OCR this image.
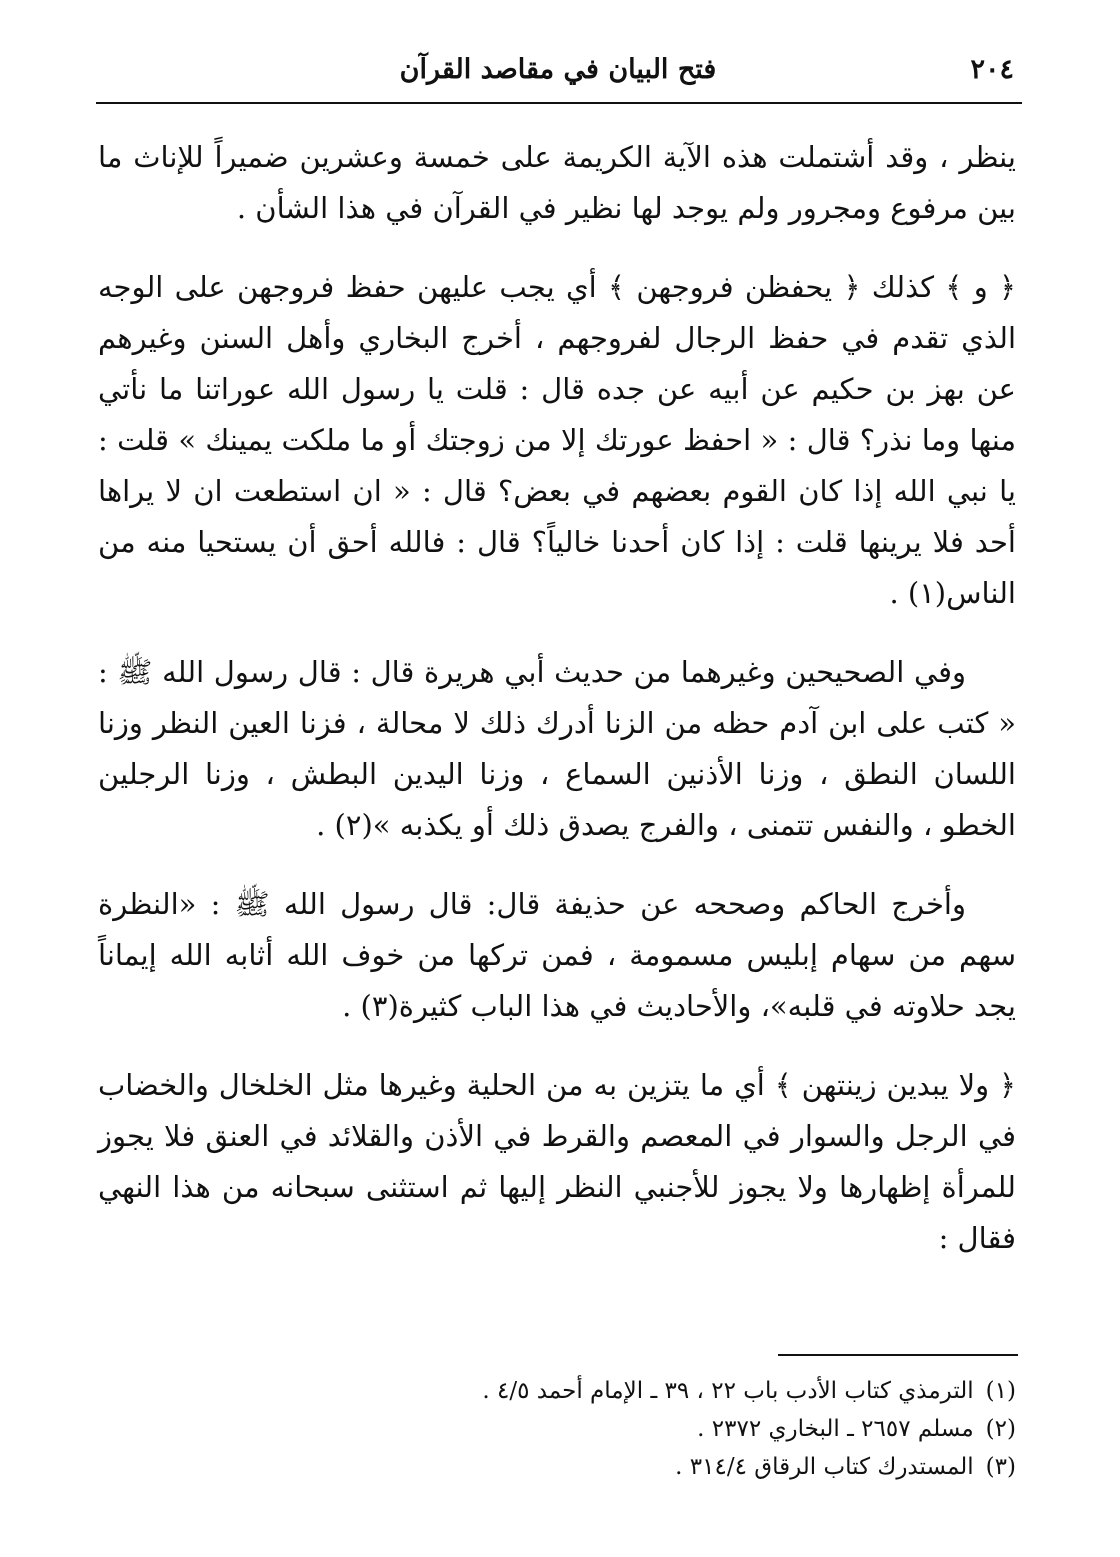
٢٠٤
فتح البيان في مقاصد القرآن

ينظر ، وقد أشتملت هذه الآية الكريمة على خمسة وعشرين ضميراً للإناث ما بين مرفوع ومجرور ولم يوجد لها نظير في القرآن في هذا الشأن .

﴿ و ﴾ كذلك ﴿ يحفظن فروجهن ﴾ أي يجب عليهن حفظ فروجهن على الوجه الذي تقدم في حفظ الرجال لفروجهم ، أخرج البخاري وأهل السنن وغيرهم عن بهز بن حكيم عن أبيه عن جده قال : قلت يا رسول الله عوراتنا ما نأتي منها وما نذر؟ قال : « احفظ عورتك إلا من زوجتك أو ما ملكت يمينك » قلت : يا نبي الله إذا كان القوم بعضهم في بعض؟ قال : « ان استطعت ان لا يراها أحد فلا يرينها قلت : إذا كان أحدنا خالياً؟ قال : فالله أحق أن يستحيا منه من الناس(١) .

وفي الصحيحين وغيرهما من حديث أبي هريرة قال : قال رسول الله ﷺ : « كتب على ابن آدم حظه من الزنا أدرك ذلك لا محالة ، فزنا العين النظر وزنا اللسان النطق ، وزنا الأذنين السماع ، وزنا اليدين البطش ، وزنا الرجلين الخطو ، والنفس تتمنى ، والفرج يصدق ذلك أو يكذبه »(٢) .

وأخرج الحاكم وصححه عن حذيفة قال: قال رسول الله ﷺ : «النظرة سهم من سهام إبليس مسمومة ، فمن تركها من خوف الله أثابه الله إيماناً يجد حلاوته في قلبه»، والأحاديث في هذا الباب كثيرة(٣) .

﴿ ولا يبدين زينتهن ﴾ أي ما يتزين به من الحلية وغيرها مثل الخلخال والخضاب في الرجل والسوار في المعصم والقرط في الأذن والقلائد في العنق فلا يجوز للمرأة إظهارها ولا يجوز للأجنبي النظر إليها ثم استثنى سبحانه من هذا النهي فقال :

(١)
الترمذي كتاب الأدب باب ٢٢ ، ٣٩ ـ الإمام أحمد ٤/٥ .
(٢)
مسلم ٢٦٥٧ ـ البخاري ٢٣٧٢ .
(٣)
المستدرك كتاب الرقاق ٣١٤/٤ .
